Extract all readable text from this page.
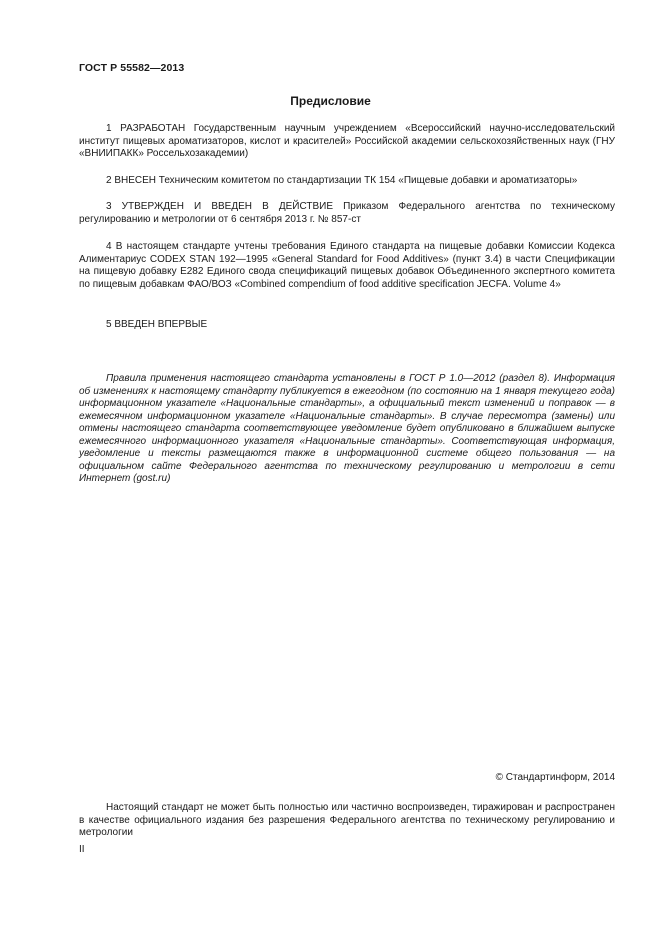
ГОСТ Р 55582—2013
Предисловие

1 РАЗРАБОТАН Государственным научным учреждением «Всероссийский научно-исследовательский институт пищевых ароматизаторов, кислот и красителей» Российской академии сельскохозяйственных наук (ГНУ «ВНИИПАКК» Россельхозакадемии)

2 ВНЕСЕН Техническим комитетом по стандартизации ТК 154 «Пищевые добавки и ароматизаторы»

3 УТВЕРЖДЕН И ВВЕДЕН В ДЕЙСТВИЕ Приказом Федерального агентства по техническому регулированию и метрологии от 6 сентября 2013 г. № 857-ст

4 В настоящем стандарте учтены требования Единого стандарта на пищевые добавки Комиссии Кодекса Алиментариус CODEX STAN 192—1995 «General Standard for Food Additives» (пункт 3.4) в части Спецификации на пищевую добавку E282 Единого свода спецификаций пищевых добавок Объединенного экспертного комитета по пищевым добавкам ФАО/ВОЗ «Combined compendium of food additive specification JECFA. Volume 4»

5 ВВЕДЕН ВПЕРВЫЕ

Правила применения настоящего стандарта установлены в ГОСТ Р 1.0—2012 (раздел 8). Информация об изменениях к настоящему стандарту публикуется в ежегодном (по состоянию на 1 января текущего года) информационном указателе «Национальные стандарты», а официальный текст изменений и поправок — в ежемесячном информационном указателе «Национальные стандарты». В случае пересмотра (замены) или отмены настоящего стандарта соответствующее уведомление будет опубликовано в ближайшем выпуске ежемесячного информационного указателя «Национальные стандарты». Соответствующая информация, уведомление и тексты размещаются также в информационной системе общего пользования — на официальном сайте Федерального агентства по техническому регулированию и метрологии в сети Интернет (gost.ru)

© Стандартинформ, 2014

Настоящий стандарт не может быть полностью или частично воспроизведен, тиражирован и распространен в качестве официального издания без разрешения Федерального агентства по техническому регулированию и метрологии

II
